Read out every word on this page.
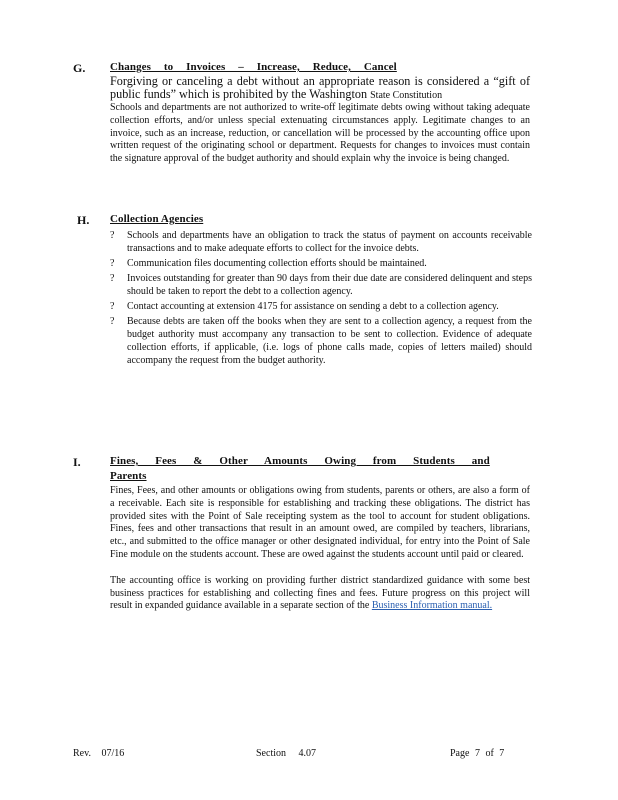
G. Changes to Invoices – Increase, Reduce, Cancel

Forgiving or canceling a debt without an appropriate reason is considered a “gift of public funds” which is prohibited by the Washington State Constitution

Schools and departments are not authorized to write-off legitimate debts owing without taking adequate collection efforts, and/or unless special extenuating circumstances apply. Legitimate changes to an invoice, such as an increase, reduction, or cancellation will be processed by the accounting office upon written request of the originating school or department. Requests for changes to invoices must contain the signature approval of the budget authority and should explain why the invoice is being changed.

H. Collection Agencies
? Schools and departments have an obligation to track the status of payment on accounts receivable transactions and to make adequate efforts to collect for the invoice debts.
? Communication files documenting collection efforts should be maintained.
? Invoices outstanding for greater than 90 days from their due date are considered delinquent and steps should be taken to report the debt to a collection agency.
? Contact accounting at extension 4175 for assistance on sending a debt to a collection agency.
? Because debts are taken off the books when they are sent to a collection agency, a request from the budget authority must accompany any transaction to be sent to collection. Evidence of adequate collection efforts, if applicable, (i.e. logs of phone calls made, copies of letters mailed) should accompany the request from the budget authority.
I.	Fines, Fees & Other Amounts Owing from Students and
Parents

Fines, Fees, and other amounts or obligations owing from students, parents or others, are also a form of a receivable. Each site is responsible for establishing and tracking these obligations. The district has provided sites with the Point of Sale receipting system as the tool to account for student obligations. Fines, fees and other transactions that result in an amount owed, are compiled by teachers, librarians, etc., and submitted to the office manager or other designated individual, for entry into the Point of Sale Fine module on the students account. These are owed against the students account until paid or cleared.

The accounting office is working on providing further district standardized guidance with some best business practices for establishing and collecting fines and fees. Future progress on this project will result in expanded guidance available in a separate section of the Business Information manual.

Rev. 07/16	Section 4.07	Page 7 of 7
